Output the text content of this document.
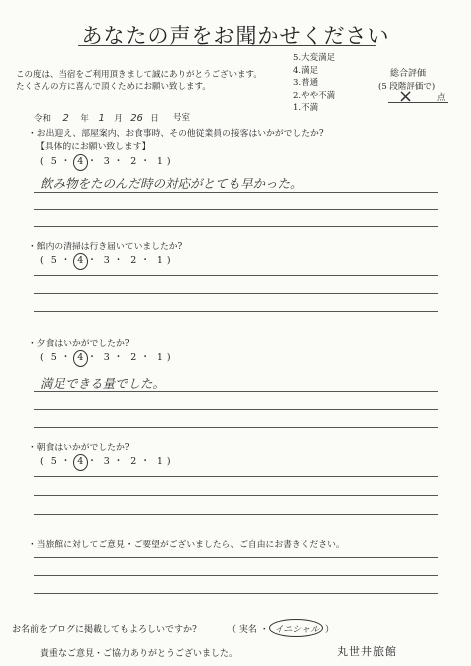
あなたの声をお聞かせください
この度は、当宿をご利用頂きまして誠にありがとうございます。
たくさんの方に喜んで頂くためにお願い致します。
5.大変満足
4.満足
3.普通
2.やや不満
1.不満
総合評価
(5 段階評価で)
×	点
令和 2 年 1 月 26 日 号室
・お出迎え、部屋案内、お食事時、その他従業員の接客はいかがでしたか?
【具体的にお願い致します】
( 5 ・ 4 ・ 3 ・ 2 ・ 1 )
飲み物をたのんだ時の対応がとても早かった。
・館内の清掃は行き届いていましたか?
( 5 ・ 4 ・ 3 ・ 2 ・ 1 )
・夕食はいかがでしたか?
( 5 ・ 4 ・ 3 ・ 2 ・ 1 )
満足できる量でした。
・朝食はいかがでしたか?
( 5 ・ 4 ・ 3 ・ 2 ・ 1 )
・当旅館に対してご意見・ご要望がございましたら、ご自由にお書きください。
お名前をブログに掲載してもよろしいですか?	（ 実名 ・ イニシャル
）
貴重なご意見・ご協力ありがとうございました。	丸世井旅館
